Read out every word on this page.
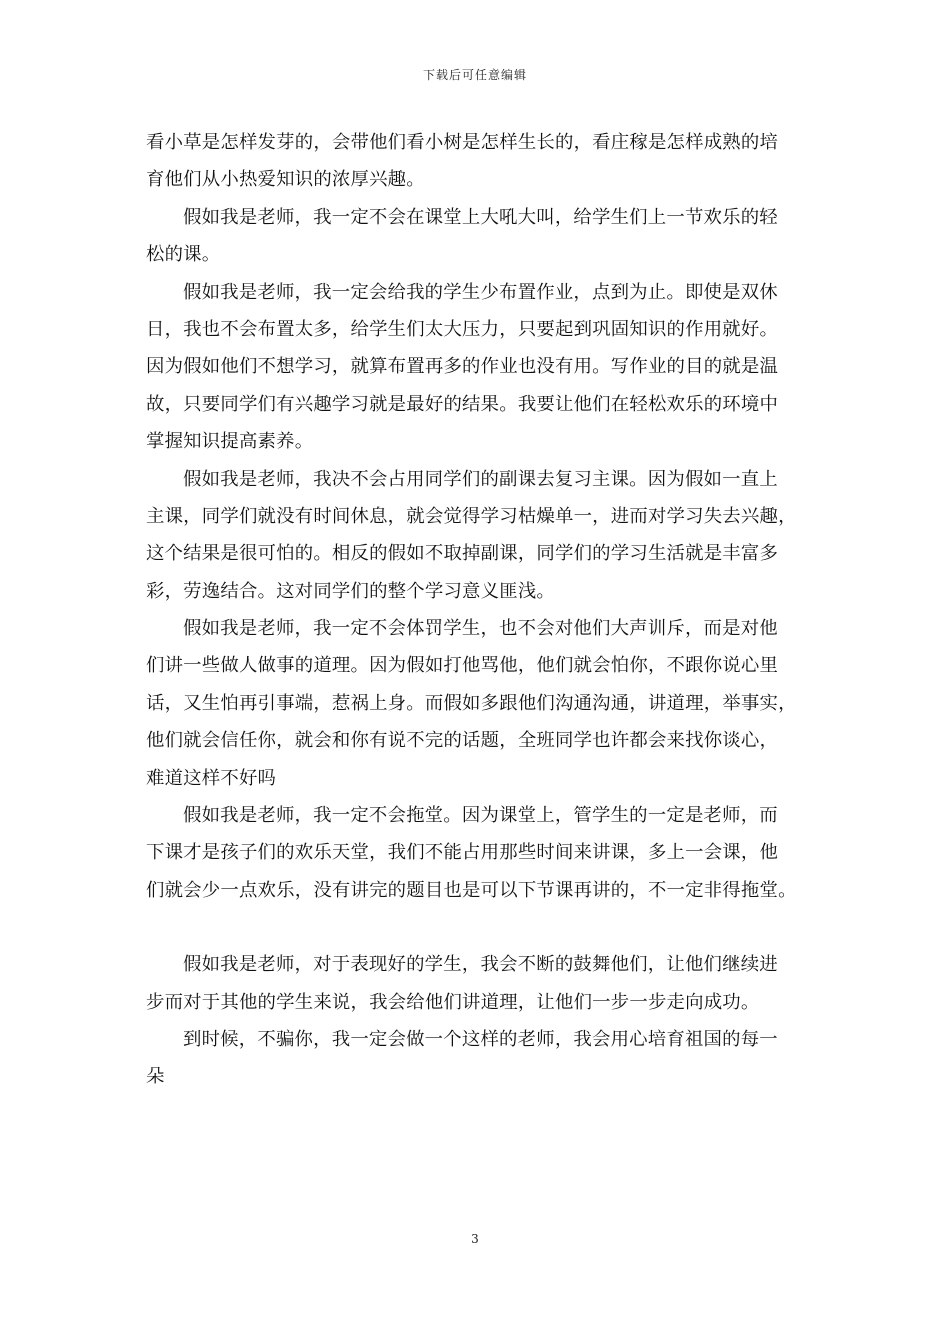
下载后可任意编辑
看小草是怎样发芽的，会带他们看小树是怎样生长的，看庄稼是怎样成熟的培
育他们从小热爱知识的浓厚兴趣。
假如我是老师，我一定不会在课堂上大吼大叫，给学生们上一节欢乐的轻
松的课。
假如我是老师，我一定会给我的学生少布置作业，点到为止。即使是双休
日，我也不会布置太多，给学生们太大压力，只要起到巩固知识的作用就好。
因为假如他们不想学习，就算布置再多的作业也没有用。写作业的目的就是温
故，只要同学们有兴趣学习就是最好的结果。我要让他们在轻松欢乐的环境中
掌握知识提高素养。
假如我是老师，我决不会占用同学们的副课去复习主课。因为假如一直上
主课，同学们就没有时间休息，就会觉得学习枯燥单一，进而对学习失去兴趣，
这个结果是很可怕的。相反的假如不取掉副课，同学们的学习生活就是丰富多
彩，劳逸结合。这对同学们的整个学习意义匪浅。
假如我是老师，我一定不会体罚学生，也不会对他们大声训斥，而是对他
们讲一些做人做事的道理。因为假如打他骂他，他们就会怕你，不跟你说心里
话，又生怕再引事端，惹祸上身。而假如多跟他们沟通沟通，讲道理，举事实，
他们就会信任你，就会和你有说不完的话题，全班同学也许都会来找你谈心，
难道这样不好吗
假如我是老师，我一定不会拖堂。因为课堂上，管学生的一定是老师，而
下课才是孩子们的欢乐天堂，我们不能占用那些时间来讲课，多上一会课，他
们就会少一点欢乐，没有讲完的题目也是可以下节课再讲的，不一定非得拖堂。
假如我是老师，对于表现好的学生，我会不断的鼓舞他们，让他们继续进
步而对于其他的学生来说，我会给他们讲道理，让他们一步一步走向成功。
到时候，不骗你，我一定会做一个这样的老师，我会用心培育祖国的每一
朵
3
